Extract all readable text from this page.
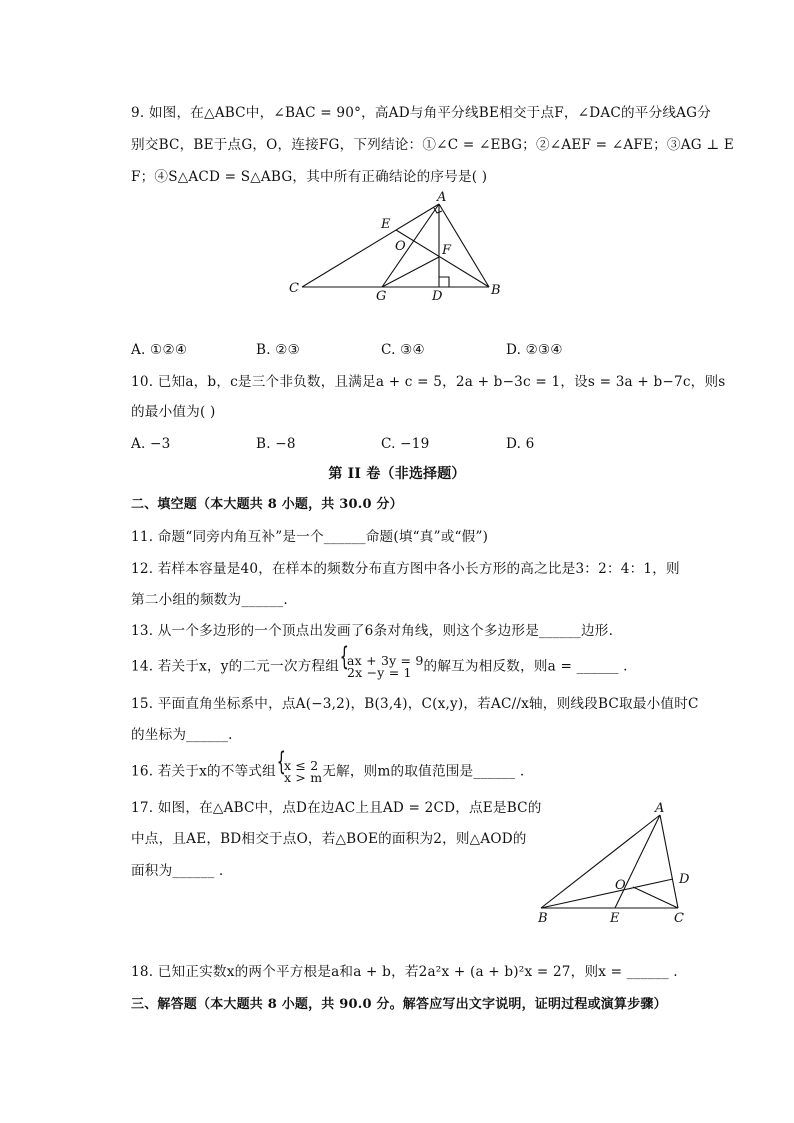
9. 如图，在△ABC中，∠BAC = 90°，高AD与角平分线BE相交于点F，∠DAC的平分线AG分
别交BC，BE于点G，O，连接FG，下列结论：①∠C = ∠EBG；②∠AEF = ∠AFE；③AG ⊥ E
F；④S△ACD = S△ABG，其中所有正确结论的序号是( )
A
E
O	F
C
G	D	B
A. ①②④	B. ②③	C. ③④	D. ②③④
10. 已知a，b，c是三个非负数，且满足a + c = 5，2a + b−3c = 1，设s = 3a + b−7c，则s
的最小值为( )
A. −3	B. −8	C. −19	D. 6
第 II 卷（非选择题）
二、填空题（本大题共 8 小题，共 30.0 分）
11. 命题“同旁内角互补”是一个______命题(填“真”或“假”)
12. 若样本容量是40，在样本的频数分布直方图中各小长方形的高之比是3：2：4：1，则
第二小组的频数为______.
13. 从一个多边形的一个顶点出发画了6条对角线，则这个多边形是______边形.
14. 若关于x，y的二元一次方程组 { ax + 3y = 9
2x −y = 1 的解互为相反数，则a = ______ .
15. 平面直角坐标系中，点A(−3,2)，B(3,4)，C(x,y)，若AC//x轴，则线段BC取最小值时C
的坐标为______.
16. 若关于x的不等式组 { x ≤ 2
x > m 无解，则m的取值范围是______ .
17. 如图，在△ABC中，点D在边AC上且AD = 2CD，点E是BC的
中点，且AE，BD相交于点O，若△BOE的面积为2，则△AOD的
面积为______ .
A
O	D
B	E	C
18. 已知正实数x的两个平方根是a和a + b，若2a²x + (a + b)²x = 27，则x = ______ .
三、解答题（本大题共 8 小题，共 90.0 分。解答应写出文字说明，证明过程或演算步骤）
